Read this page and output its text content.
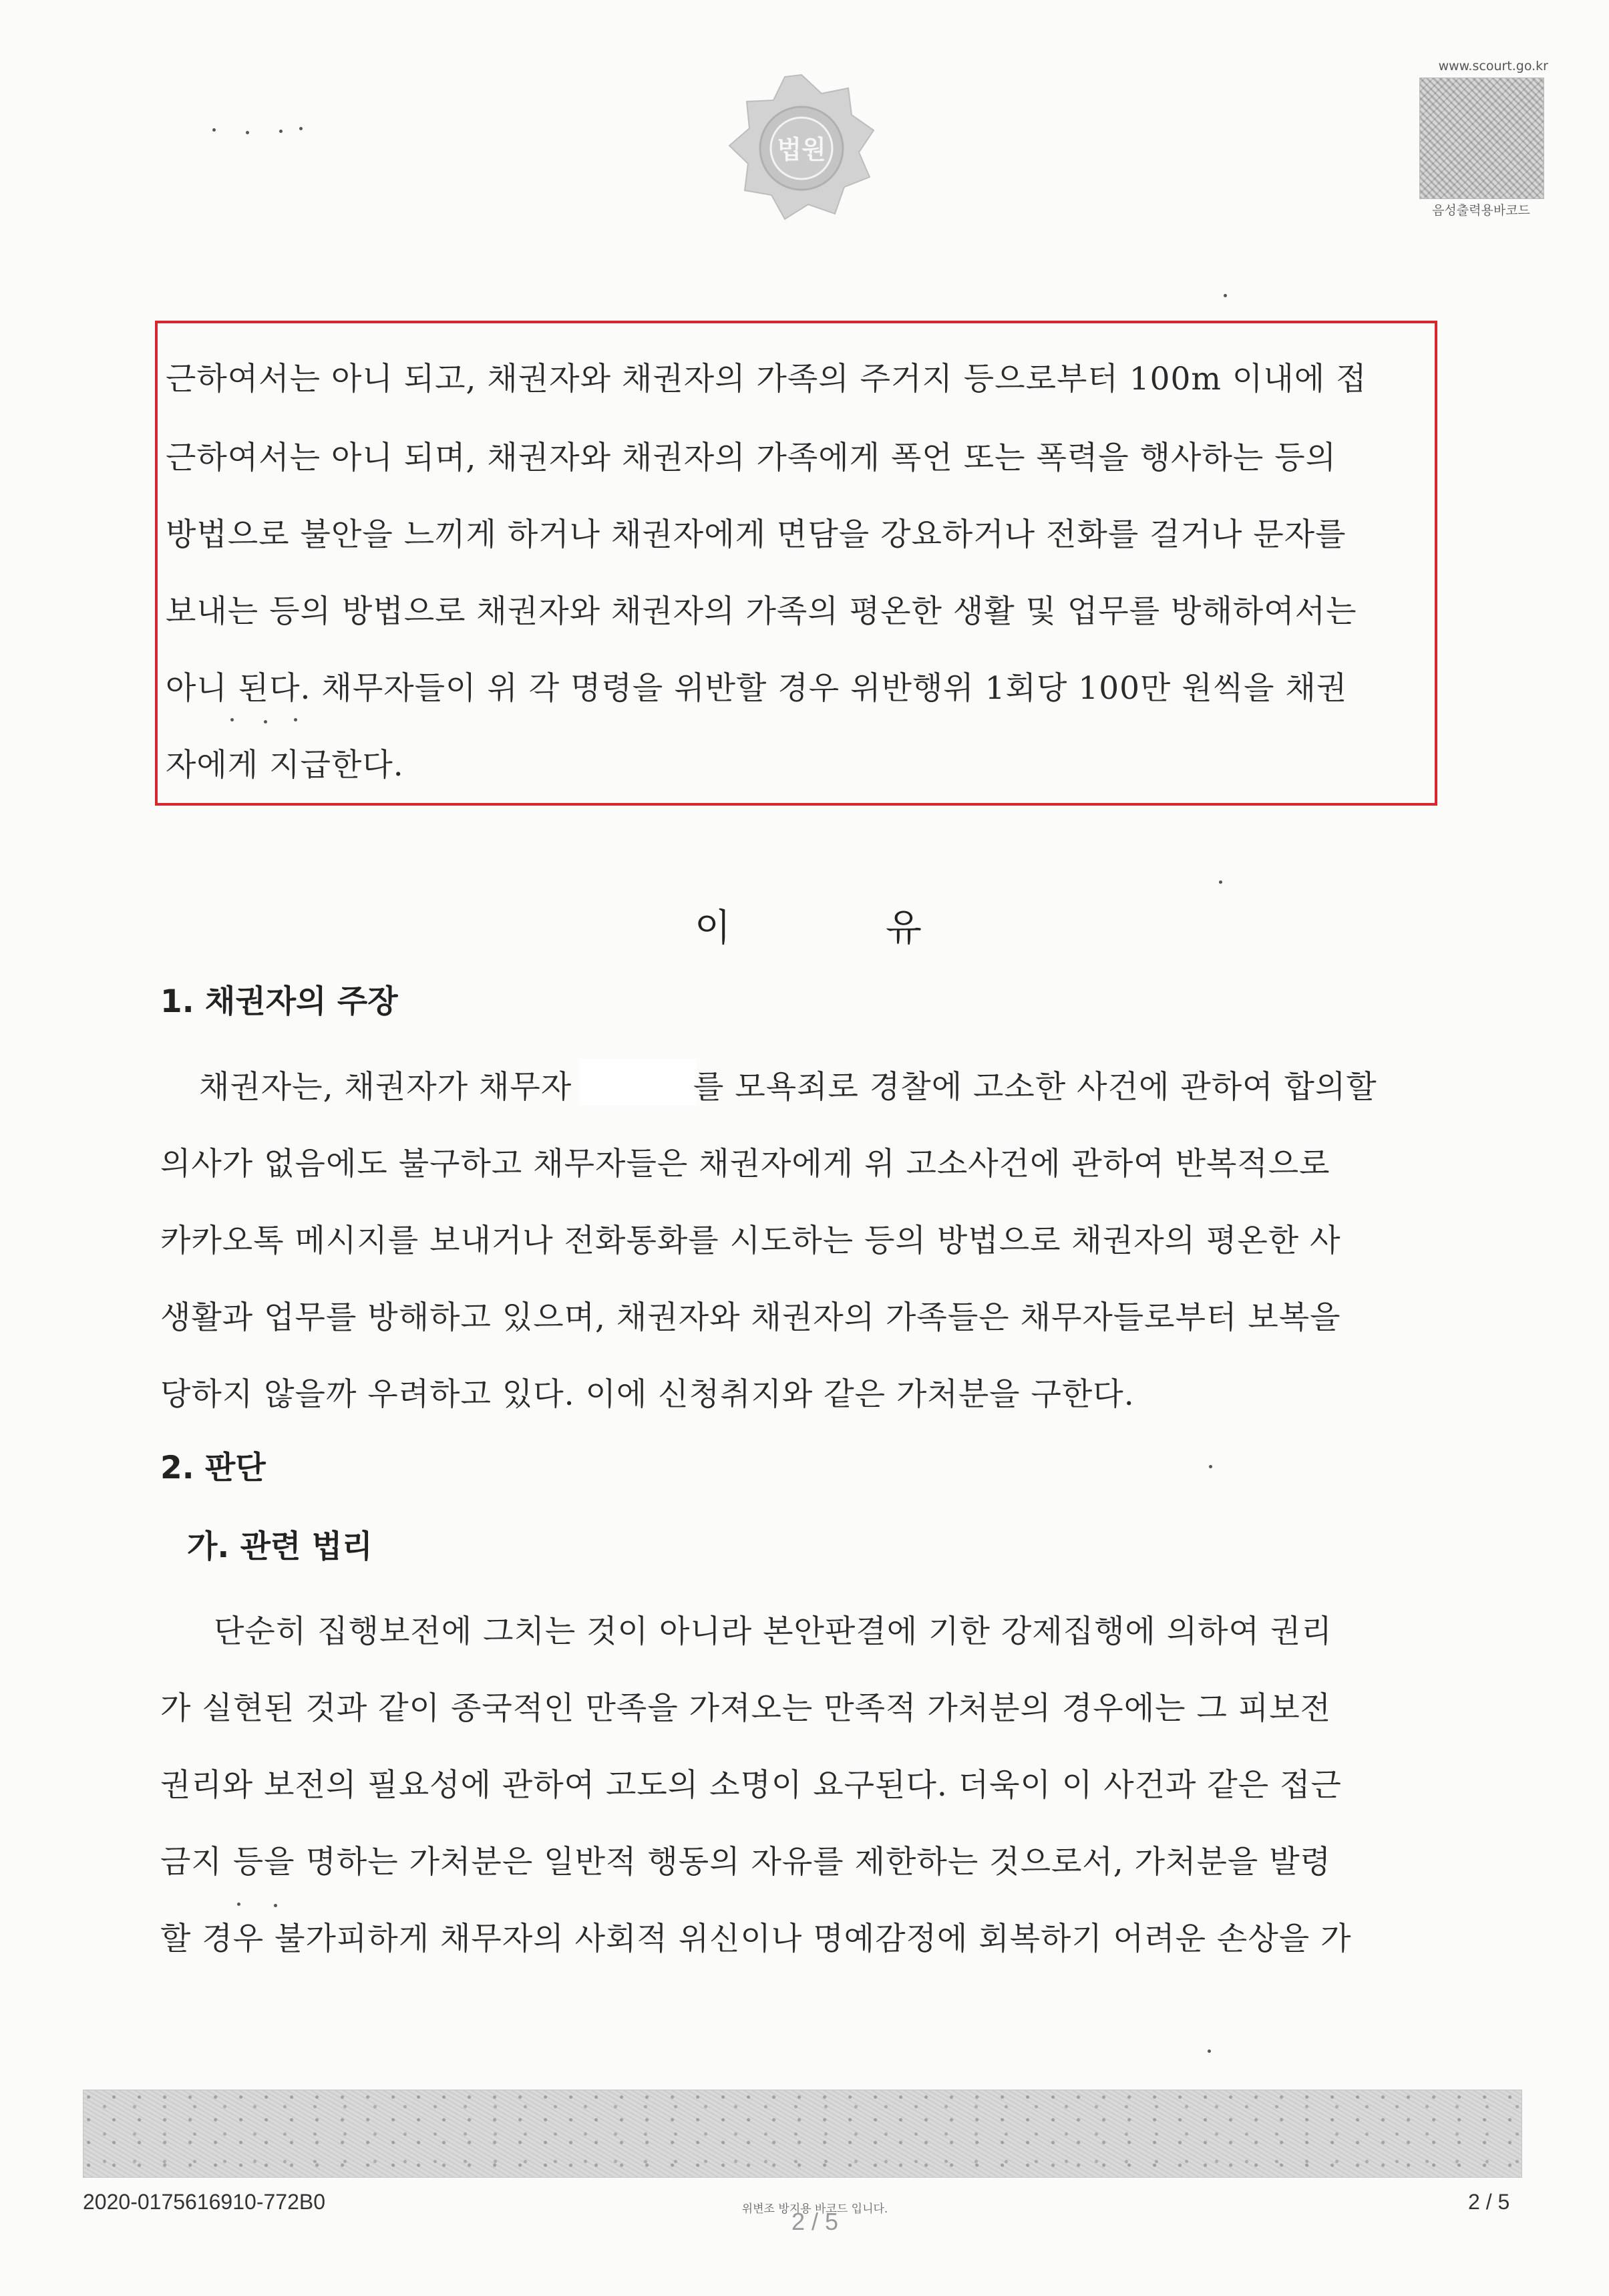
법원
www.scourt.go.kr
음성출력용바코드
근하여서는 아니 되고, 채권자와 채권자의 가족의 주거지 등으로부터 100m 이내에 접
근하여서는 아니 되며, 채권자와 채권자의 가족에게 폭언 또는 폭력을 행사하는 등의
방법으로 불안을 느끼게 하거나 채권자에게 면담을 강요하거나 전화를 걸거나 문자를
보내는 등의 방법으로 채권자와 채권자의 가족의 평온한 생활 및 업무를 방해하여서는
아니 된다. 채무자들이 위 각 명령을 위반할 경우 위반행위 1회당 100만 원씩을 채권
자에게 지급한다.
이	유
1. 채권자의 주장
채권자는, 채권자가 채무자	를 모욕죄로 경찰에 고소한 사건에 관하여 합의할
의사가 없음에도 불구하고 채무자들은 채권자에게 위 고소사건에 관하여 반복적으로
카카오톡 메시지를 보내거나 전화통화를 시도하는 등의 방법으로 채권자의 평온한 사
생활과 업무를 방해하고 있으며, 채권자와 채권자의 가족들은 채무자들로부터 보복을
당하지 않을까 우려하고 있다. 이에 신청취지와 같은 가처분을 구한다.
2. 판단
가. 관련 법리
단순히 집행보전에 그치는 것이 아니라 본안판결에 기한 강제집행에 의하여 권리
가 실현된 것과 같이 종국적인 만족을 가져오는 만족적 가처분의 경우에는 그 피보전
권리와 보전의 필요성에 관하여 고도의 소명이 요구된다. 더욱이 이 사건과 같은 접근
금지 등을 명하는 가처분은 일반적 행동의 자유를 제한하는 것으로서, 가처분을 발령
할 경우 불가피하게 채무자의 사회적 위신이나 명예감정에 회복하기 어려운 손상을 가
2020-0175616910-772B0	위변조 방지용 바코드 입니다.
2 / 5
2 / 5
